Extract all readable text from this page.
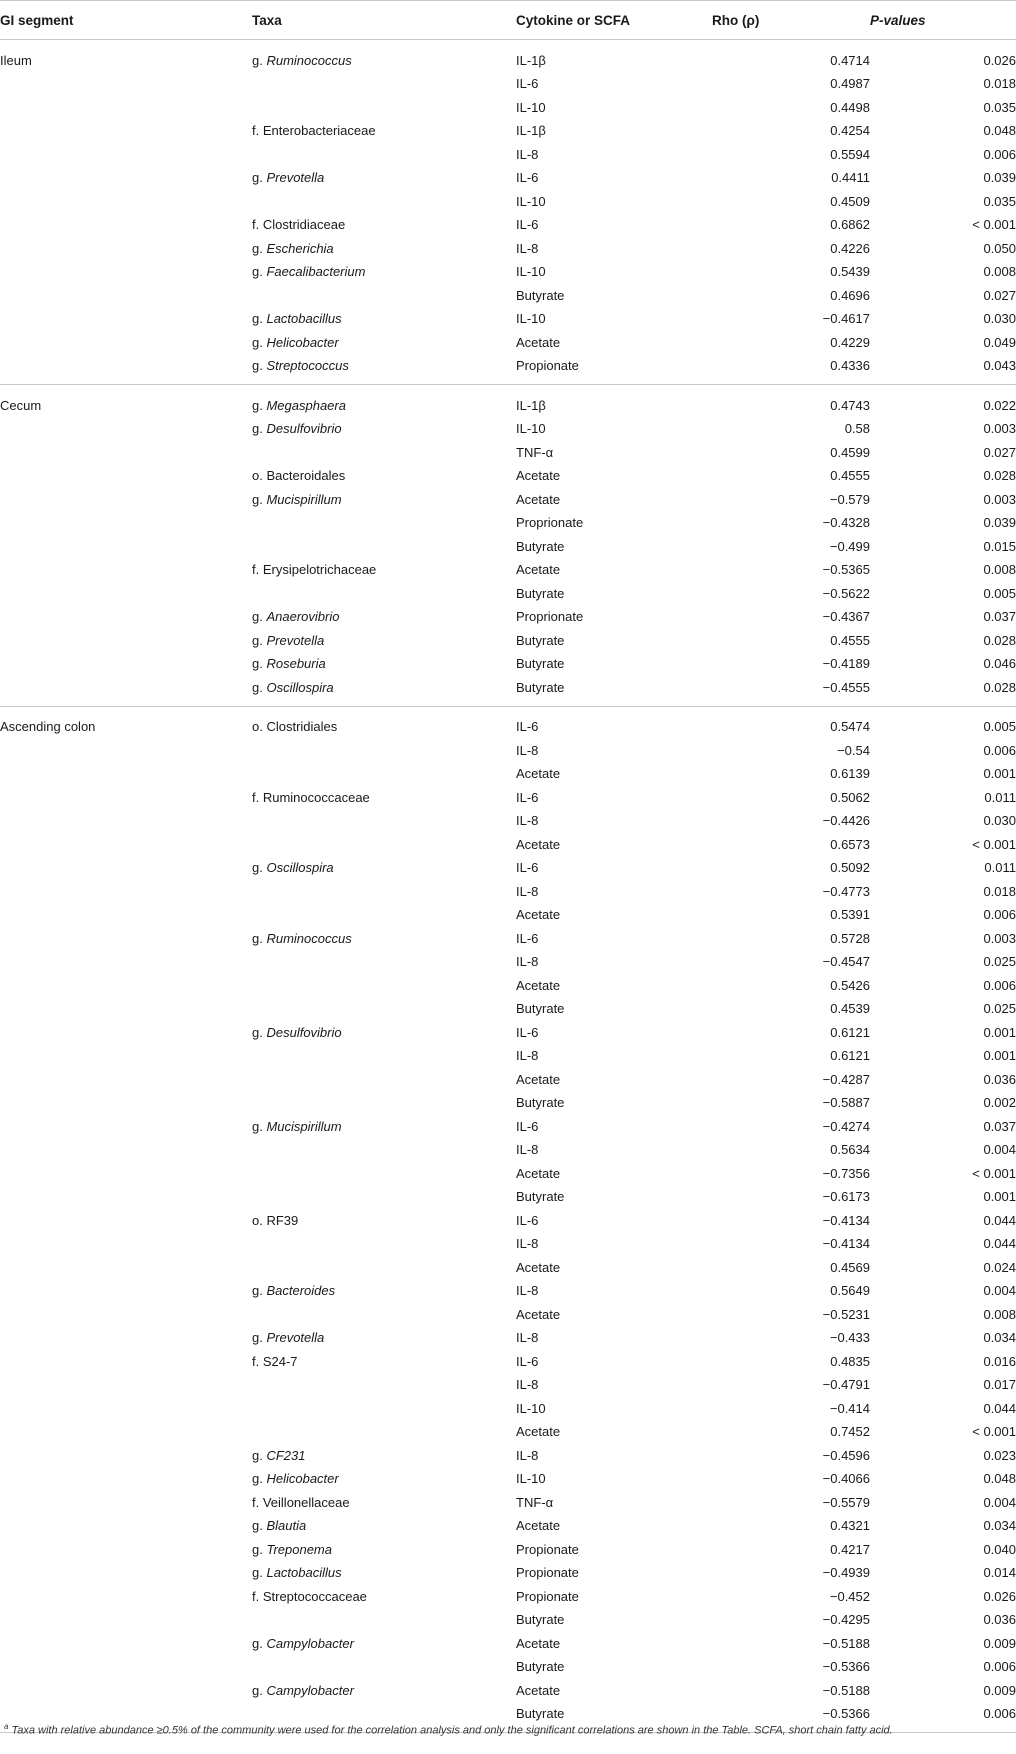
GI segment	Taxa	Cytokine or SCFA	Rho (ρ)	P-values
Ileum	g. Ruminococcus	IL-1β	0.4714	0.026
		IL-6	0.4987	0.018
		IL-10	0.4498	0.035
	f. Enterobacteriaceae	IL-1β	0.4254	0.048
		IL-8	0.5594	0.006
	g. Prevotella	IL-6	0.4411	0.039
		IL-10	0.4509	0.035
	f. Clostridiaceae	IL-6	0.6862	< 0.001
	g. Escherichia	IL-8	0.4226	0.050
	g. Faecalibacterium	IL-10	0.5439	0.008
		Butyrate	0.4696	0.027
	g. Lactobacillus	IL-10	−0.4617	0.030
	g. Helicobacter	Acetate	0.4229	0.049
	g. Streptococcus	Propionate	0.4336	0.043
Cecum	g. Megasphaera	IL-1β	0.4743	0.022
	g. Desulfovibrio	IL-10	0.58	0.003
		TNF-α	0.4599	0.027
	o. Bacteroidales	Acetate	0.4555	0.028
	g. Mucispirillum	Acetate	−0.579	0.003
		Proprionate	−0.4328	0.039
		Butyrate	−0.499	0.015
	f. Erysipelotrichaceae	Acetate	−0.5365	0.008
		Butyrate	−0.5622	0.005
	g. Anaerovibrio	Proprionate	−0.4367	0.037
	g. Prevotella	Butyrate	0.4555	0.028
	g. Roseburia	Butyrate	−0.4189	0.046
	g. Oscillospira	Butyrate	−0.4555	0.028
Ascending colon	o. Clostridiales	IL-6	0.5474	0.005
		IL-8	−0.54	0.006
		Acetate	0.6139	0.001
	f. Ruminococcaceae	IL-6	0.5062	0.011
		IL-8	−0.4426	0.030
		Acetate	0.6573	< 0.001
	g. Oscillospira	IL-6	0.5092	0.011
		IL-8	−0.4773	0.018
		Acetate	0.5391	0.006
	g. Ruminococcus	IL-6	0.5728	0.003
		IL-8	−0.4547	0.025
		Acetate	0.5426	0.006
		Butyrate	0.4539	0.025
	g. Desulfovibrio	IL-6	0.6121	0.001
		IL-8	0.6121	0.001
		Acetate	−0.4287	0.036
		Butyrate	−0.5887	0.002
	g. Mucispirillum	IL-6	−0.4274	0.037
		IL-8	0.5634	0.004
		Acetate	−0.7356	< 0.001
		Butyrate	−0.6173	0.001
	o. RF39	IL-6	−0.4134	0.044
		IL-8	−0.4134	0.044
		Acetate	0.4569	0.024
	g. Bacteroides	IL-8	0.5649	0.004
		Acetate	−0.5231	0.008
	g. Prevotella	IL-8	−0.433	0.034
	f. S24-7	IL-6	0.4835	0.016
		IL-8	−0.4791	0.017
		IL-10	−0.414	0.044
		Acetate	0.7452	< 0.001
	g. CF231	IL-8	−0.4596	0.023
	g. Helicobacter	IL-10	−0.4066	0.048
	f. Veillonellaceae	TNF-α	−0.5579	0.004
	g. Blautia	Acetate	0.4321	0.034
	g. Treponema	Propionate	0.4217	0.040
	g. Lactobacillus	Propionate	−0.4939	0.014
	f. Streptococcaceae	Propionate	−0.452	0.026
		Butyrate	−0.4295	0.036
	g. Campylobacter	Acetate	−0.5188	0.009
		Butyrate	−0.5366	0.006
	g. Campylobacter	Acetate	−0.5188	0.009
		Butyrate	−0.5366	0.006
$^a$ Taxa with relative abundance ≥0.5% of the community were used for the correlation analysis and only the significant correlations are shown in the Table. SCFA, short chain fatty acid.
